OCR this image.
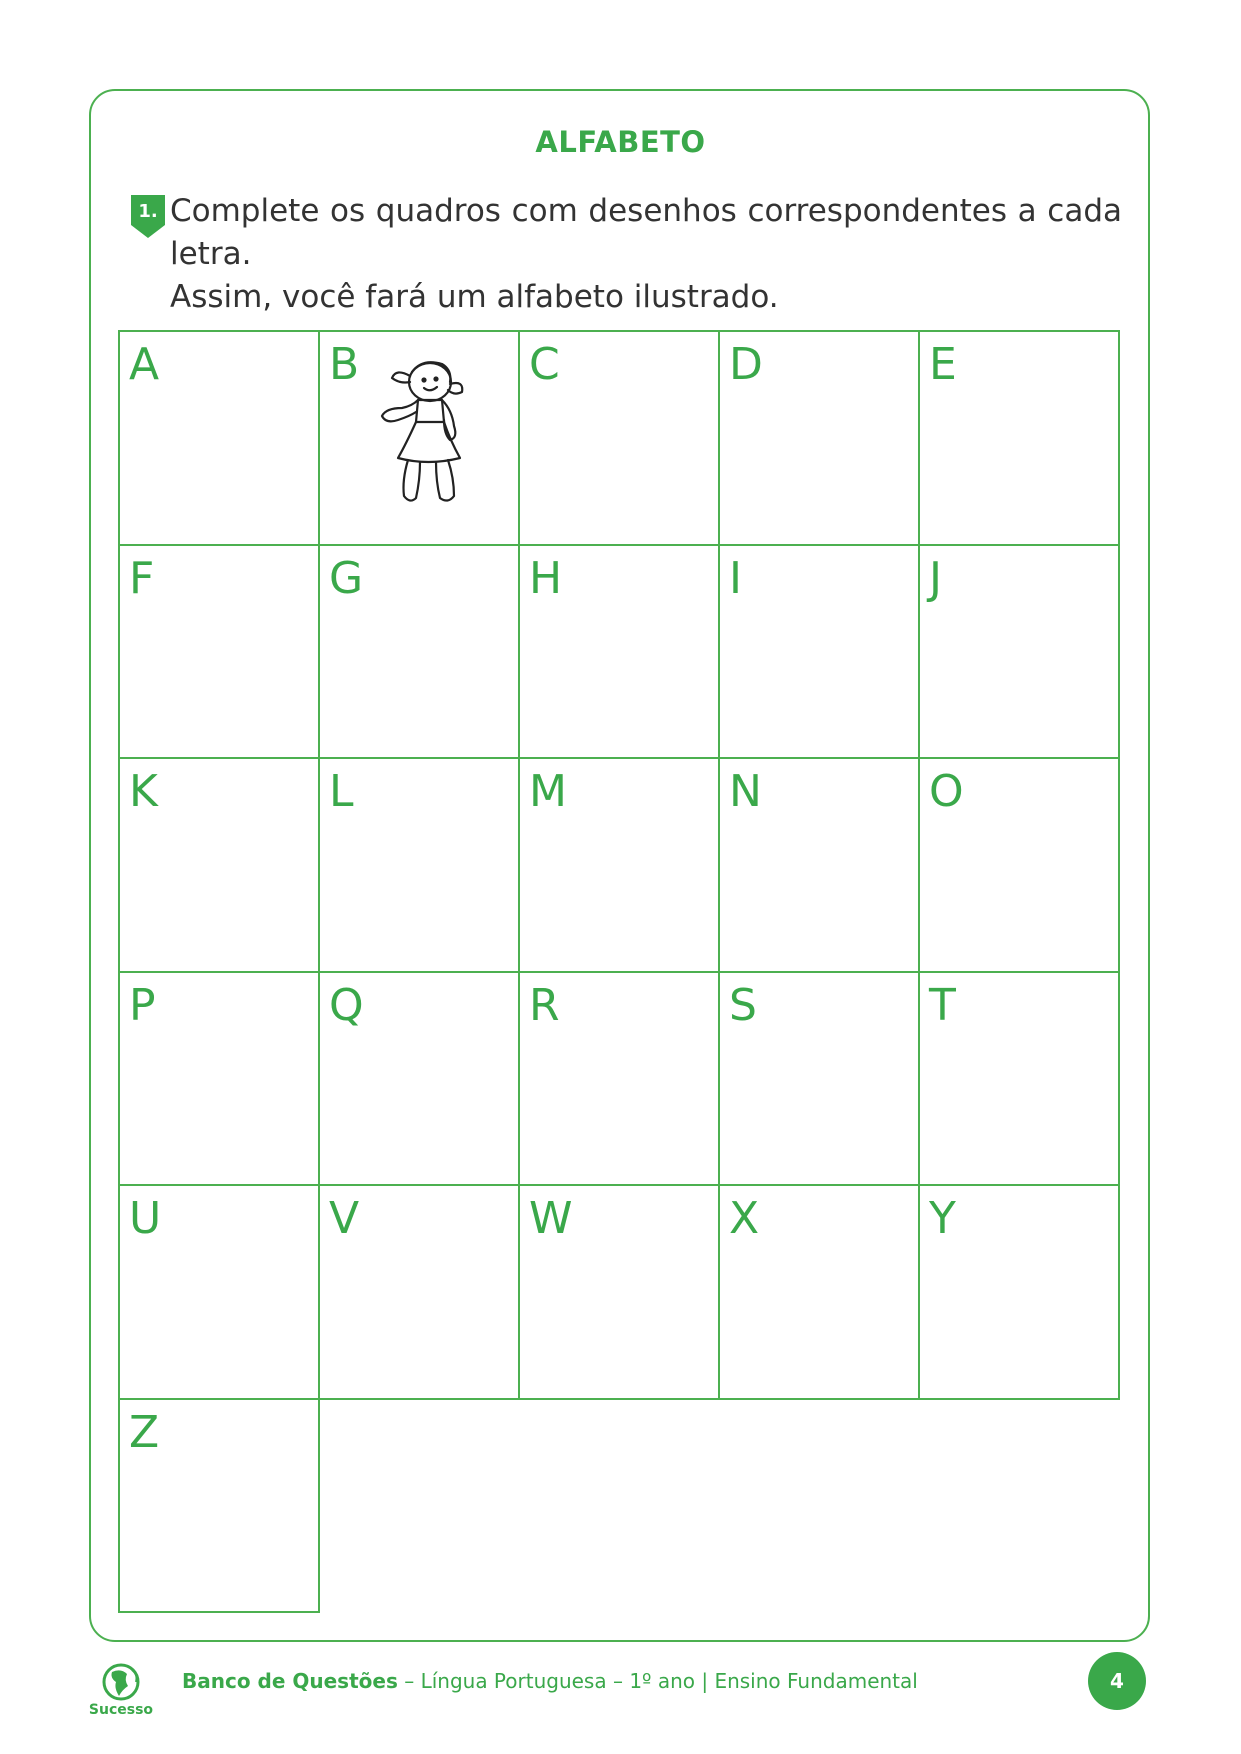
ALFABETO
1. Complete os quadros com desenhos correspondentes a cada letra.
Assim, você fará um alfabeto ilustrado.
A	B	C	D	E
F	G	H	I	J
K	L	M	N	O
P	Q	R	S	T
U	V	W	X	Y
Z
Sucesso
Banco de Questões – Língua Portuguesa – 1º ano | Ensino Fundamental	4
